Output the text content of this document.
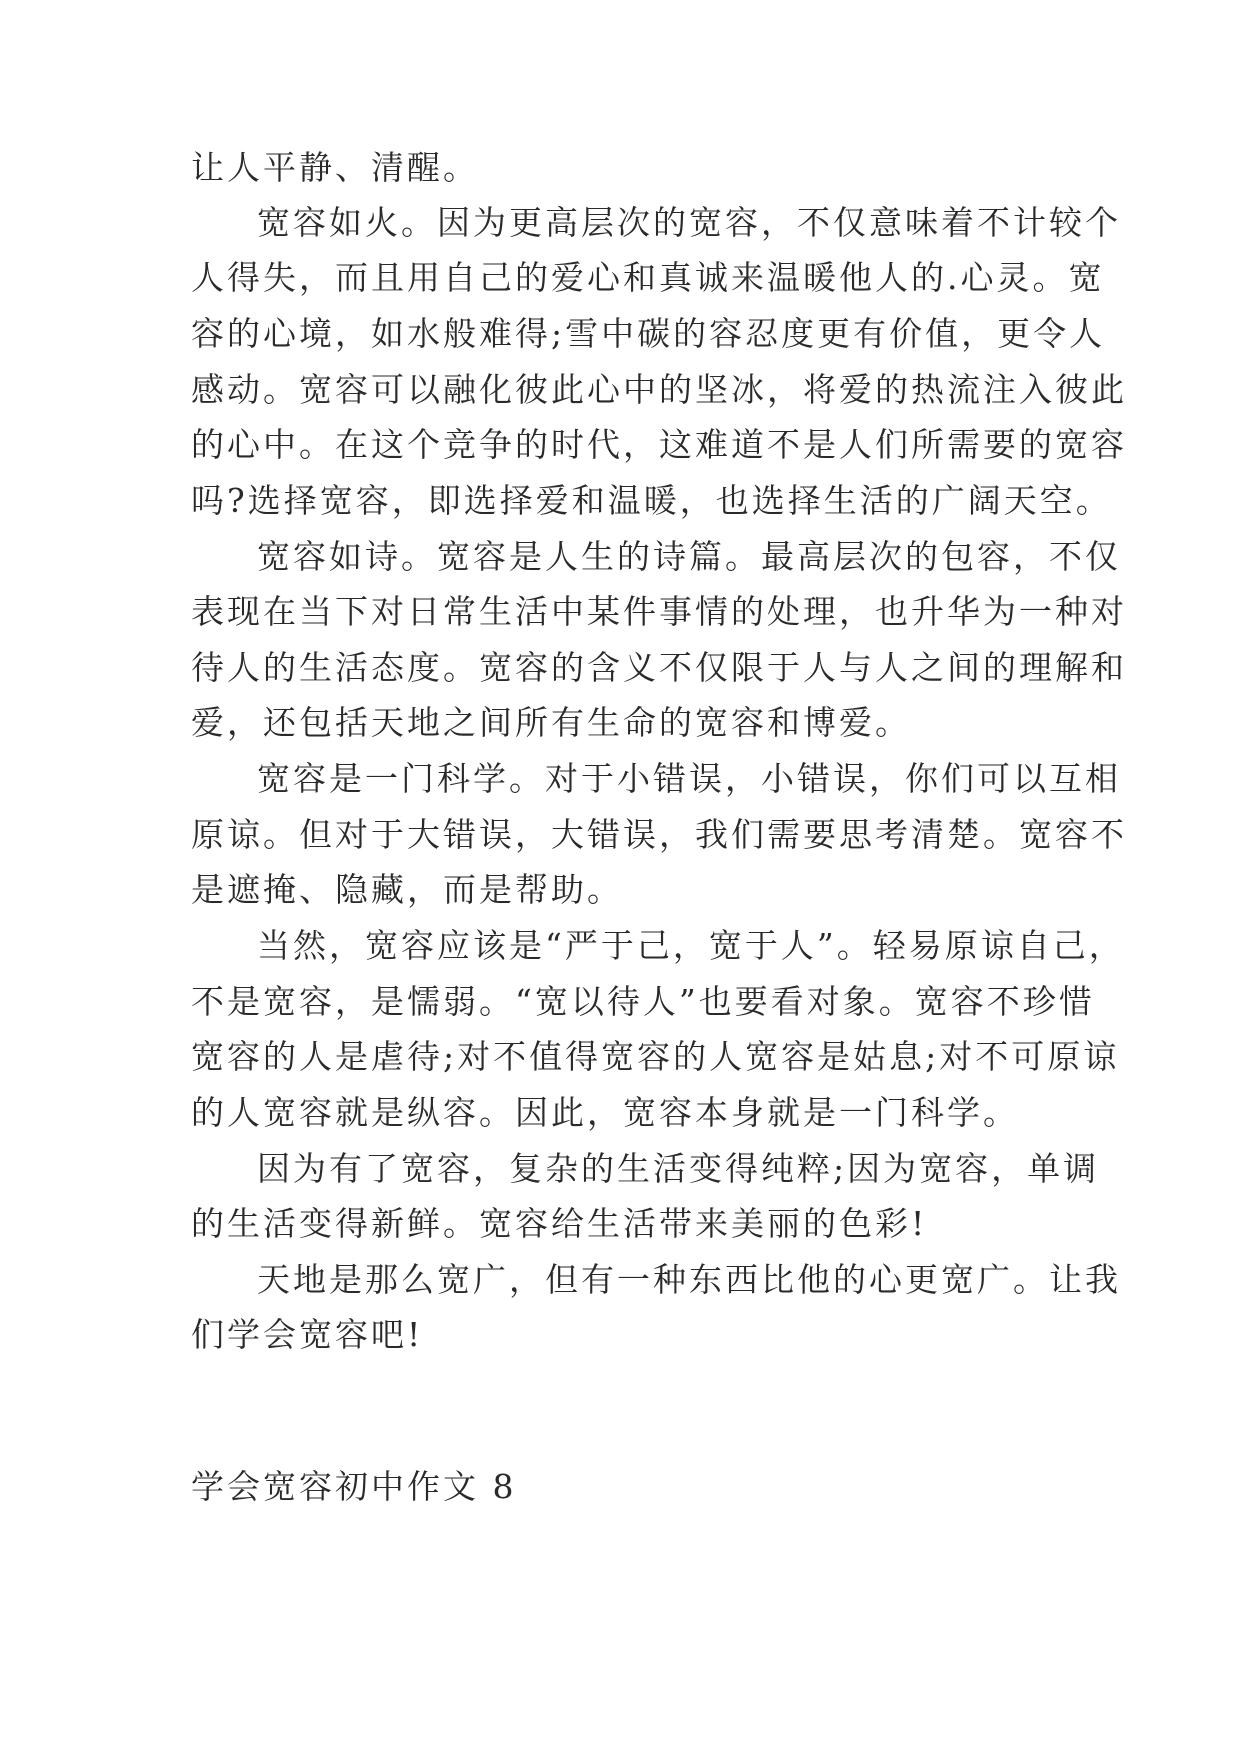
让人平静、清醒。
宽容如火。因为更高层次的宽容，不仅意味着不计较个
人得失，而且用自己的爱心和真诚来温暖他人的.心灵。宽
容的心境，如水般难得;雪中碳的容忍度更有价值，更令人
感动。宽容可以融化彼此心中的坚冰，将爱的热流注入彼此
的心中。在这个竞争的时代，这难道不是人们所需要的宽容
吗?选择宽容，即选择爱和温暖，也选择生活的广阔天空。
宽容如诗。宽容是人生的诗篇。最高层次的包容，不仅
表现在当下对日常生活中某件事情的处理，也升华为一种对
待人的生活态度。宽容的含义不仅限于人与人之间的理解和
爱，还包括天地之间所有生命的宽容和博爱。
宽容是一门科学。对于小错误，小错误，你们可以互相
原谅。但对于大错误，大错误，我们需要思考清楚。宽容不
是遮掩、隐藏，而是帮助。
当然，宽容应该是“严于己，宽于人”。轻易原谅自己，
不是宽容，是懦弱。“宽以待人”也要看对象。宽容不珍惜
宽容的人是虐待;对不值得宽容的人宽容是姑息;对不可原谅
的人宽容就是纵容。因此，宽容本身就是一门科学。
因为有了宽容，复杂的生活变得纯粹;因为宽容，单调
的生活变得新鲜。宽容给生活带来美丽的色彩!
天地是那么宽广，但有一种东西比他的心更宽广。让我
们学会宽容吧!
学会宽容初中作文 8
